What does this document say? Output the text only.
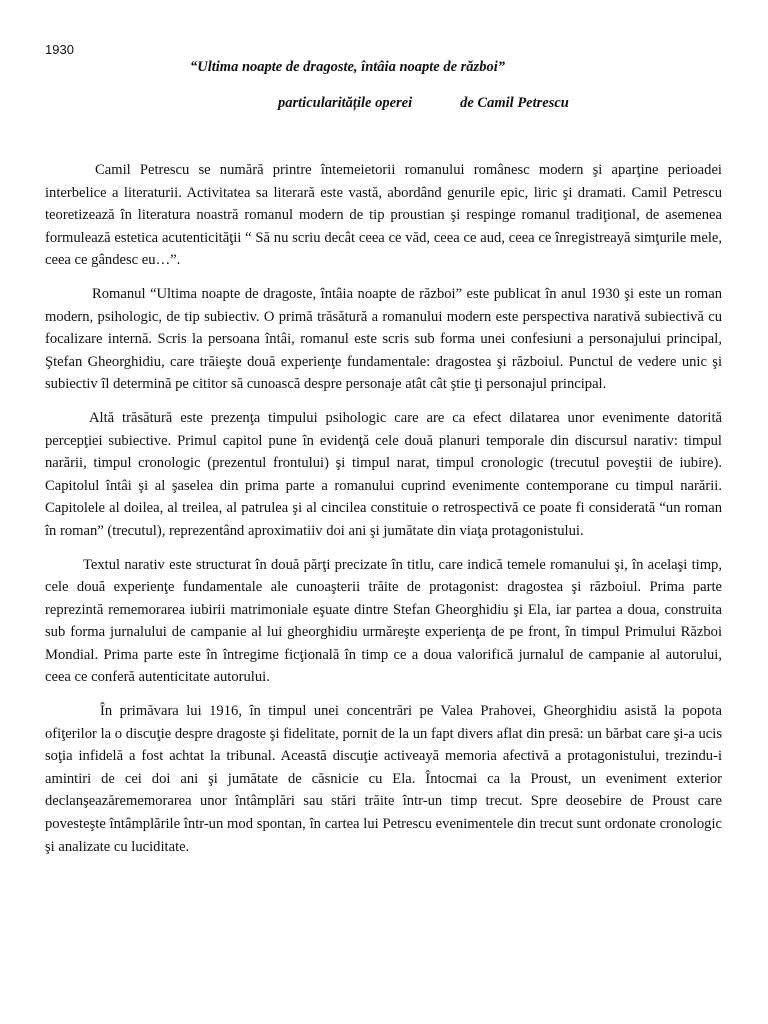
1930
“Ultima noapte de dragoste, întâia noapte de război”
particularitățile operei	de Camil Petrescu

Camil Petrescu se numără printre întemeietorii romanului românesc modern şi aparţine perioadei interbelice a literaturii. Activitatea sa literară este vastă, abordând genurile epic, liric şi dramati. Camil Petrescu teoretizează în literatura noastră romanul modern de tip proustian şi respinge romanul tradiţional, de asemenea formulează estetica acutenticităţii “ Să nu scriu decât ceea ce văd, ceea ce aud, ceea ce înregistreayă simţurile mele, ceea ce gândesc eu…”.

Romanul “Ultima noapte de dragoste, întâia noapte de război” este publicat în anul 1930 şi este un roman modern, psihologic, de tip subiectiv. O primă trăsătură a romanului modern este perspectiva narativă subiectivă cu focalizare internă. Scris la persoana întâi, romanul este scris sub forma unei confesiuni a personajului principal, Ştefan Gheorghidiu, care trăieşte două experienţe fundamentale: dragostea şi războiul. Punctul de vedere unic şi subiectiv îl determină pe cititor să cunoască despre personaje atât cât ştie ţi personajul principal.

Altă trăsătură este prezenţa timpului psihologic care are ca efect dilatarea unor evenimente datorită percepţiei subiective. Primul capitol pune în evidenţă cele două planuri temporale din discursul narativ: timpul narării, timpul cronologic (prezentul frontului) şi timpul narat, timpul cronologic (trecutul poveştii de iubire). Capitolul întâi şi al şaselea din prima parte a romanului cuprind evenimente contemporane cu timpul narării. Capitolele al doilea, al treilea, al patrulea şi al cincilea constituie o retrospectivă ce poate fi considerată “un roman în roman” (trecutul), reprezentând aproximatiiv doi ani şi jumătate din viaţa protagonistului.

Textul narativ este structurat în două părţi precizate în titlu, care indică temele romanului şi, în acelaşi timp, cele două experienţe fundamentale ale cunoaşterii trăite de protagonist: dragostea şi războiul. Prima parte reprezintă rememorarea iubirii matrimoniale eşuate dintre Stefan Gheorghidiu şi Ela, iar partea a doua, construita sub forma jurnalului de campanie al lui gheorghidiu urmăreşte experienţa de pe front, în timpul Primului Război Mondial. Prima parte este în întregime ficţională în timp ce a doua valorifică jurnalul de campanie al autorului, ceea ce conferă autenticitate autorului.

În primăvara lui 1916, în timpul unei concentrări pe Valea Prahovei, Gheorghidiu asistă la popota ofiţerilor la o discuţie despre dragoste şi fidelitate, pornit de la un fapt divers aflat din presă: un bărbat care şi-a ucis soţia infidelă a fost achtat la tribunal. Această discuţie activeayă memoria afectivă a protagonistului, trezindu-i amintiri de cei doi ani şi jumătate de căsnicie cu Ela. Întocmai ca la Proust, un eveniment exterior declanşeazărememorarea unor întâmplări sau stări trăite într-un timp trecut. Spre deosebire de Proust care povesteşte întâmplările într-un mod spontan, în cartea lui Petrescu evenimentele din trecut sunt ordonate cronologic şi analizate cu luciditate.
